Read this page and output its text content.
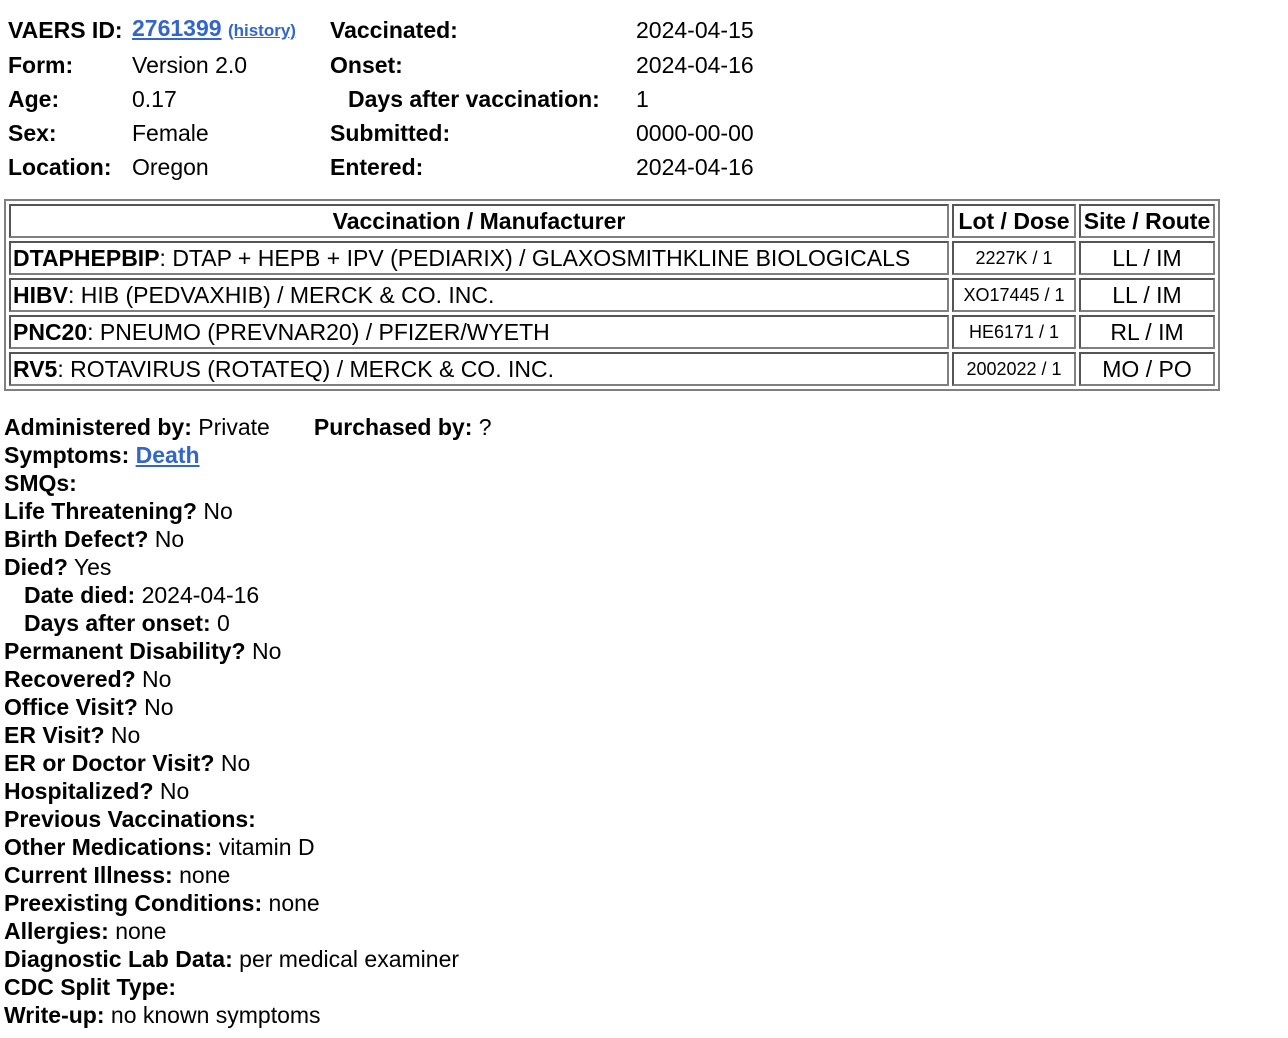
VAERS ID:	2761399 (history)	Vaccinated:	2024-04-15
Form:	Version 2.0	Onset:	2024-04-16
Age:	0.17	Days after vaccination:	1
Sex:	Female	Submitted:	0000-00-00
Location:	Oregon	Entered:	2024-04-16
Vaccination / Manufacturer	Lot / Dose	Site / Route
DTAPHEPBIP: DTAP + HEPB + IPV (PEDIARIX) / GLAXOSMITHKLINE BIOLOGICALS	2227K / 1	LL / IM
HIBV: HIB (PEDVAXHIB) / MERCK & CO. INC.	XO17445 / 1	LL / IM
PNC20: PNEUMO (PREVNAR20) / PFIZER/WYETH	HE6171 / 1	RL / IM
RV5: ROTAVIRUS (ROTATEQ) / MERCK & CO. INC.	2002022 / 1	MO / PO
Administered by: Private Purchased by: ?
Symptoms: Death
SMQs:
Life Threatening? No
Birth Defect? No
Died? Yes
Date died: 2024-04-16
Days after onset: 0
Permanent Disability? No
Recovered? No
Office Visit? No
ER Visit? No
ER or Doctor Visit? No
Hospitalized? No
Previous Vaccinations:
Other Medications: vitamin D
Current Illness: none
Preexisting Conditions: none
Allergies: none
Diagnostic Lab Data: per medical examiner
CDC Split Type:
Write-up: no known symptoms
